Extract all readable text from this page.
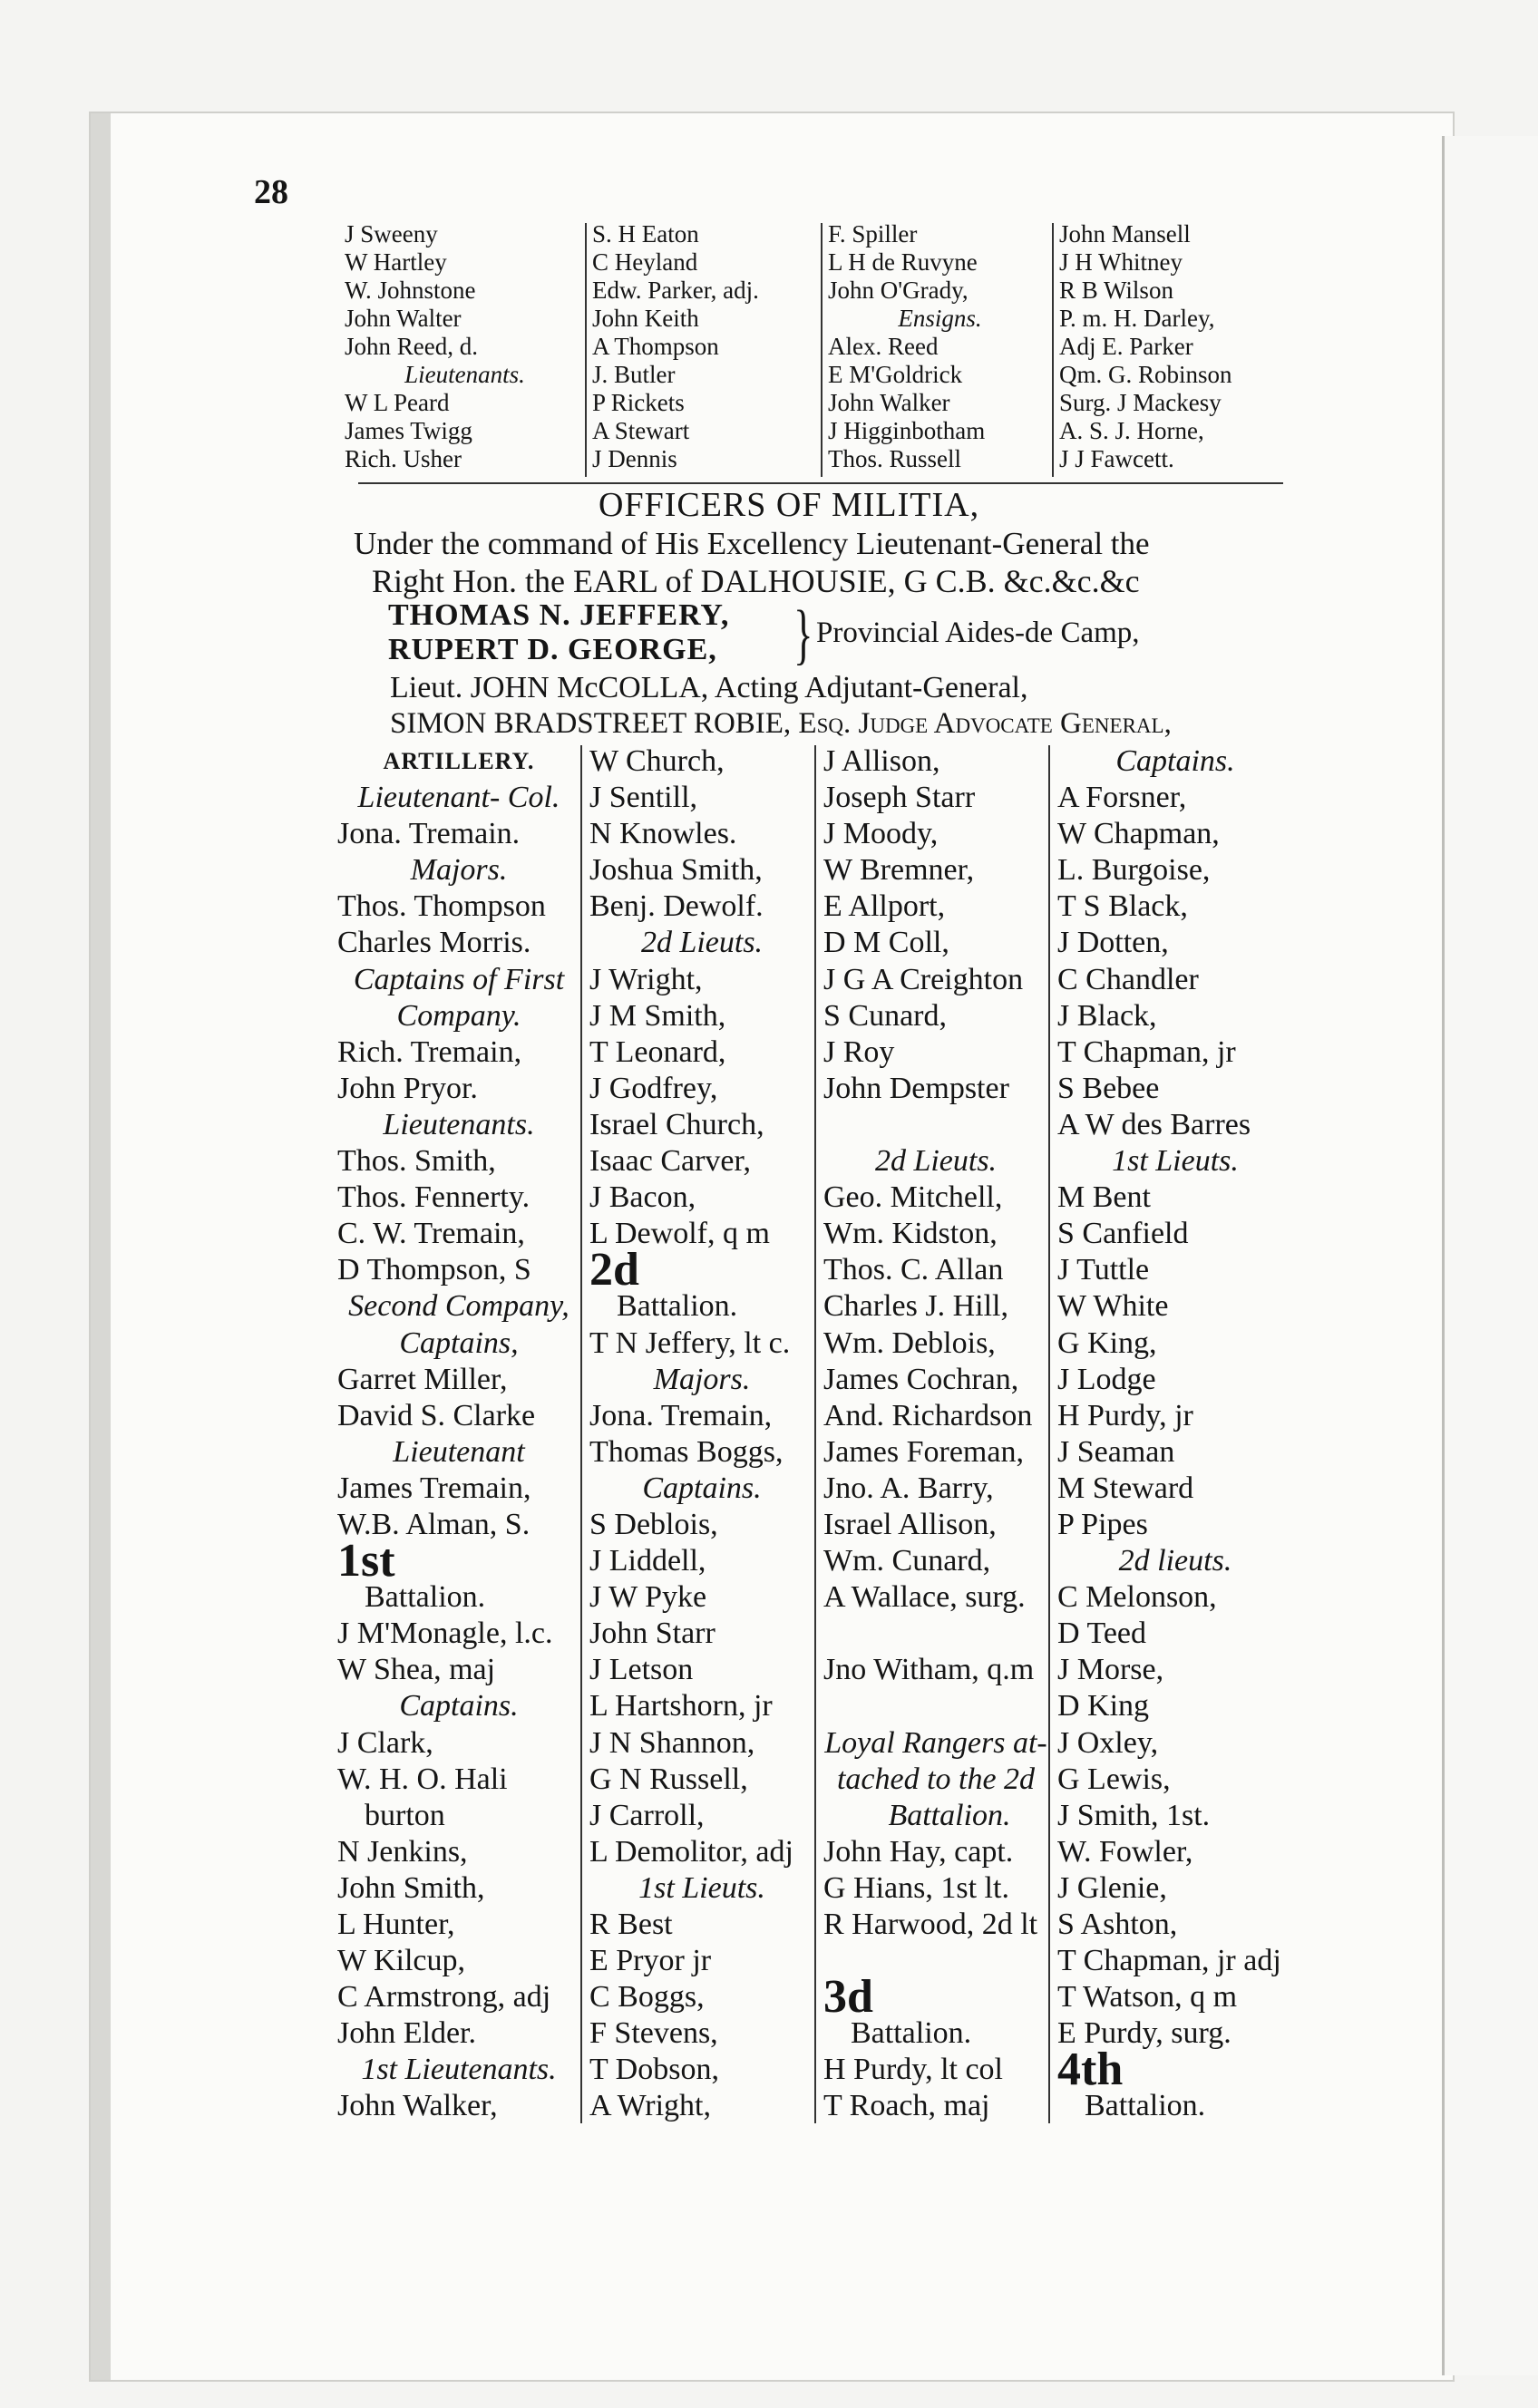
28
J Sweeny
W Hartley
W. Johnstone
John Walter
John Reed, d.
Lieutenants.
W L Peard
James Twigg
Rich. Usher
S. H Eaton
C Heyland
Edw. Parker, adj.
John Keith
A Thompson
J. Butler
P Rickets
A Stewart
J Dennis
F. Spiller
L H de Ruvyne
John O'Grady,
Ensigns.
Alex. Reed
E M'Goldrick
John Walker
J Higginbotham
Thos. Russell
John Mansell
J H Whitney
R B Wilson
P. m. H. Darley,
Adj E. Parker
Qm. G. Robinson
Surg. J Mackesy
A. S. J. Horne,
J J Fawcett.
OFFICERS OF MILITIA,
Under the command of His Excellency Lieutenant-General the
Right Hon. the EARL of DALHOUSIE, G C.B. &c.&c.&c
THOMAS N. JEFFERY,
RUPERT D. GEORGE, } Provincial Aides-de Camp,
Lieut. JOHN McCOLLA, Acting Adjutant-General,
SIMON BRADSTREET ROBIE, Esq. Judge Advocate General,
ARTILLERY.
Lieutenant- Col.
Jona. Tremain.
Majors.
Thos. Thompson
Charles Morris.
Captains of First
Company.
Rich. Tremain,
John Pryor.
Lieutenants.
Thos. Smith,
Thos. Fennerty.
C. W. Tremain,
D Thompson, S
Second Company,
Captains,
Garret Miller,
David S. Clarke
Lieutenant
James Tremain,
W.B. Alman, S.
1st
Battalion.
J M'Monagle, l.c.
W Shea, maj
Captains.
J Clark,
W. H. O. Hali
burton
N Jenkins,
John Smith,
L Hunter,
W Kilcup,
C Armstrong, adj
John Elder.
1st Lieutenants.
John Walker,
W Church,
J Sentill,
N Knowles.
Joshua Smith,
Benj. Dewolf.
2d Lieuts.
J Wright,
J M Smith,
T Leonard,
J Godfrey,
Israel Church,
Isaac Carver,
J Bacon,
L Dewolf, q m
2d
Battalion.
T N Jeffery, lt c.
Majors.
Jona. Tremain,
Thomas Boggs,
Captains.
S Deblois,
J Liddell,
J W Pyke
John Starr
J Letson
L Hartshorn, jr
J N Shannon,
G N Russell,
J Carroll,
L Demolitor, adj
1st Lieuts.
R Best
E Pryor jr
C Boggs,
F Stevens,
T Dobson,
A Wright,
J Allison,
Joseph Starr
J Moody,
W Bremner,
E Allport,
D M Coll,
J G A Creighton
S Cunard,
J Roy
John Dempster
2d Lieuts.
Geo. Mitchell,
Wm. Kidston,
Thos. C. Allan
Charles J. Hill,
Wm. Deblois,
James Cochran,
And. Richardson
James Foreman,
Jno. A. Barry,
Israel Allison,
Wm. Cunard,
A Wallace, surg.
Jno Witham, q.m
Loyal Rangers at-
tached to the 2d
Battalion.
John Hay, capt.
G Hians, 1st lt.
R Harwood, 2d lt
3d
Battalion.
H Purdy, lt col
T Roach, maj
Captains.
A Forsner,
W Chapman,
L. Burgoise,
T S Black,
J Dotten,
C Chandler
J Black,
T Chapman, jr
S Bebee
A W des Barres
1st Lieuts.
M Bent
S Canfield
J Tuttle
W White
G King,
J Lodge
H Purdy, jr
J Seaman
M Steward
P Pipes
2d lieuts.
C Melonson,
D Teed
J Morse,
D King
J Oxley,
G Lewis,
J Smith, 1st.
W. Fowler,
J Glenie,
S Ashton,
T Chapman, jr adj
T Watson, q m
E Purdy, surg.
4th
Battalion.
